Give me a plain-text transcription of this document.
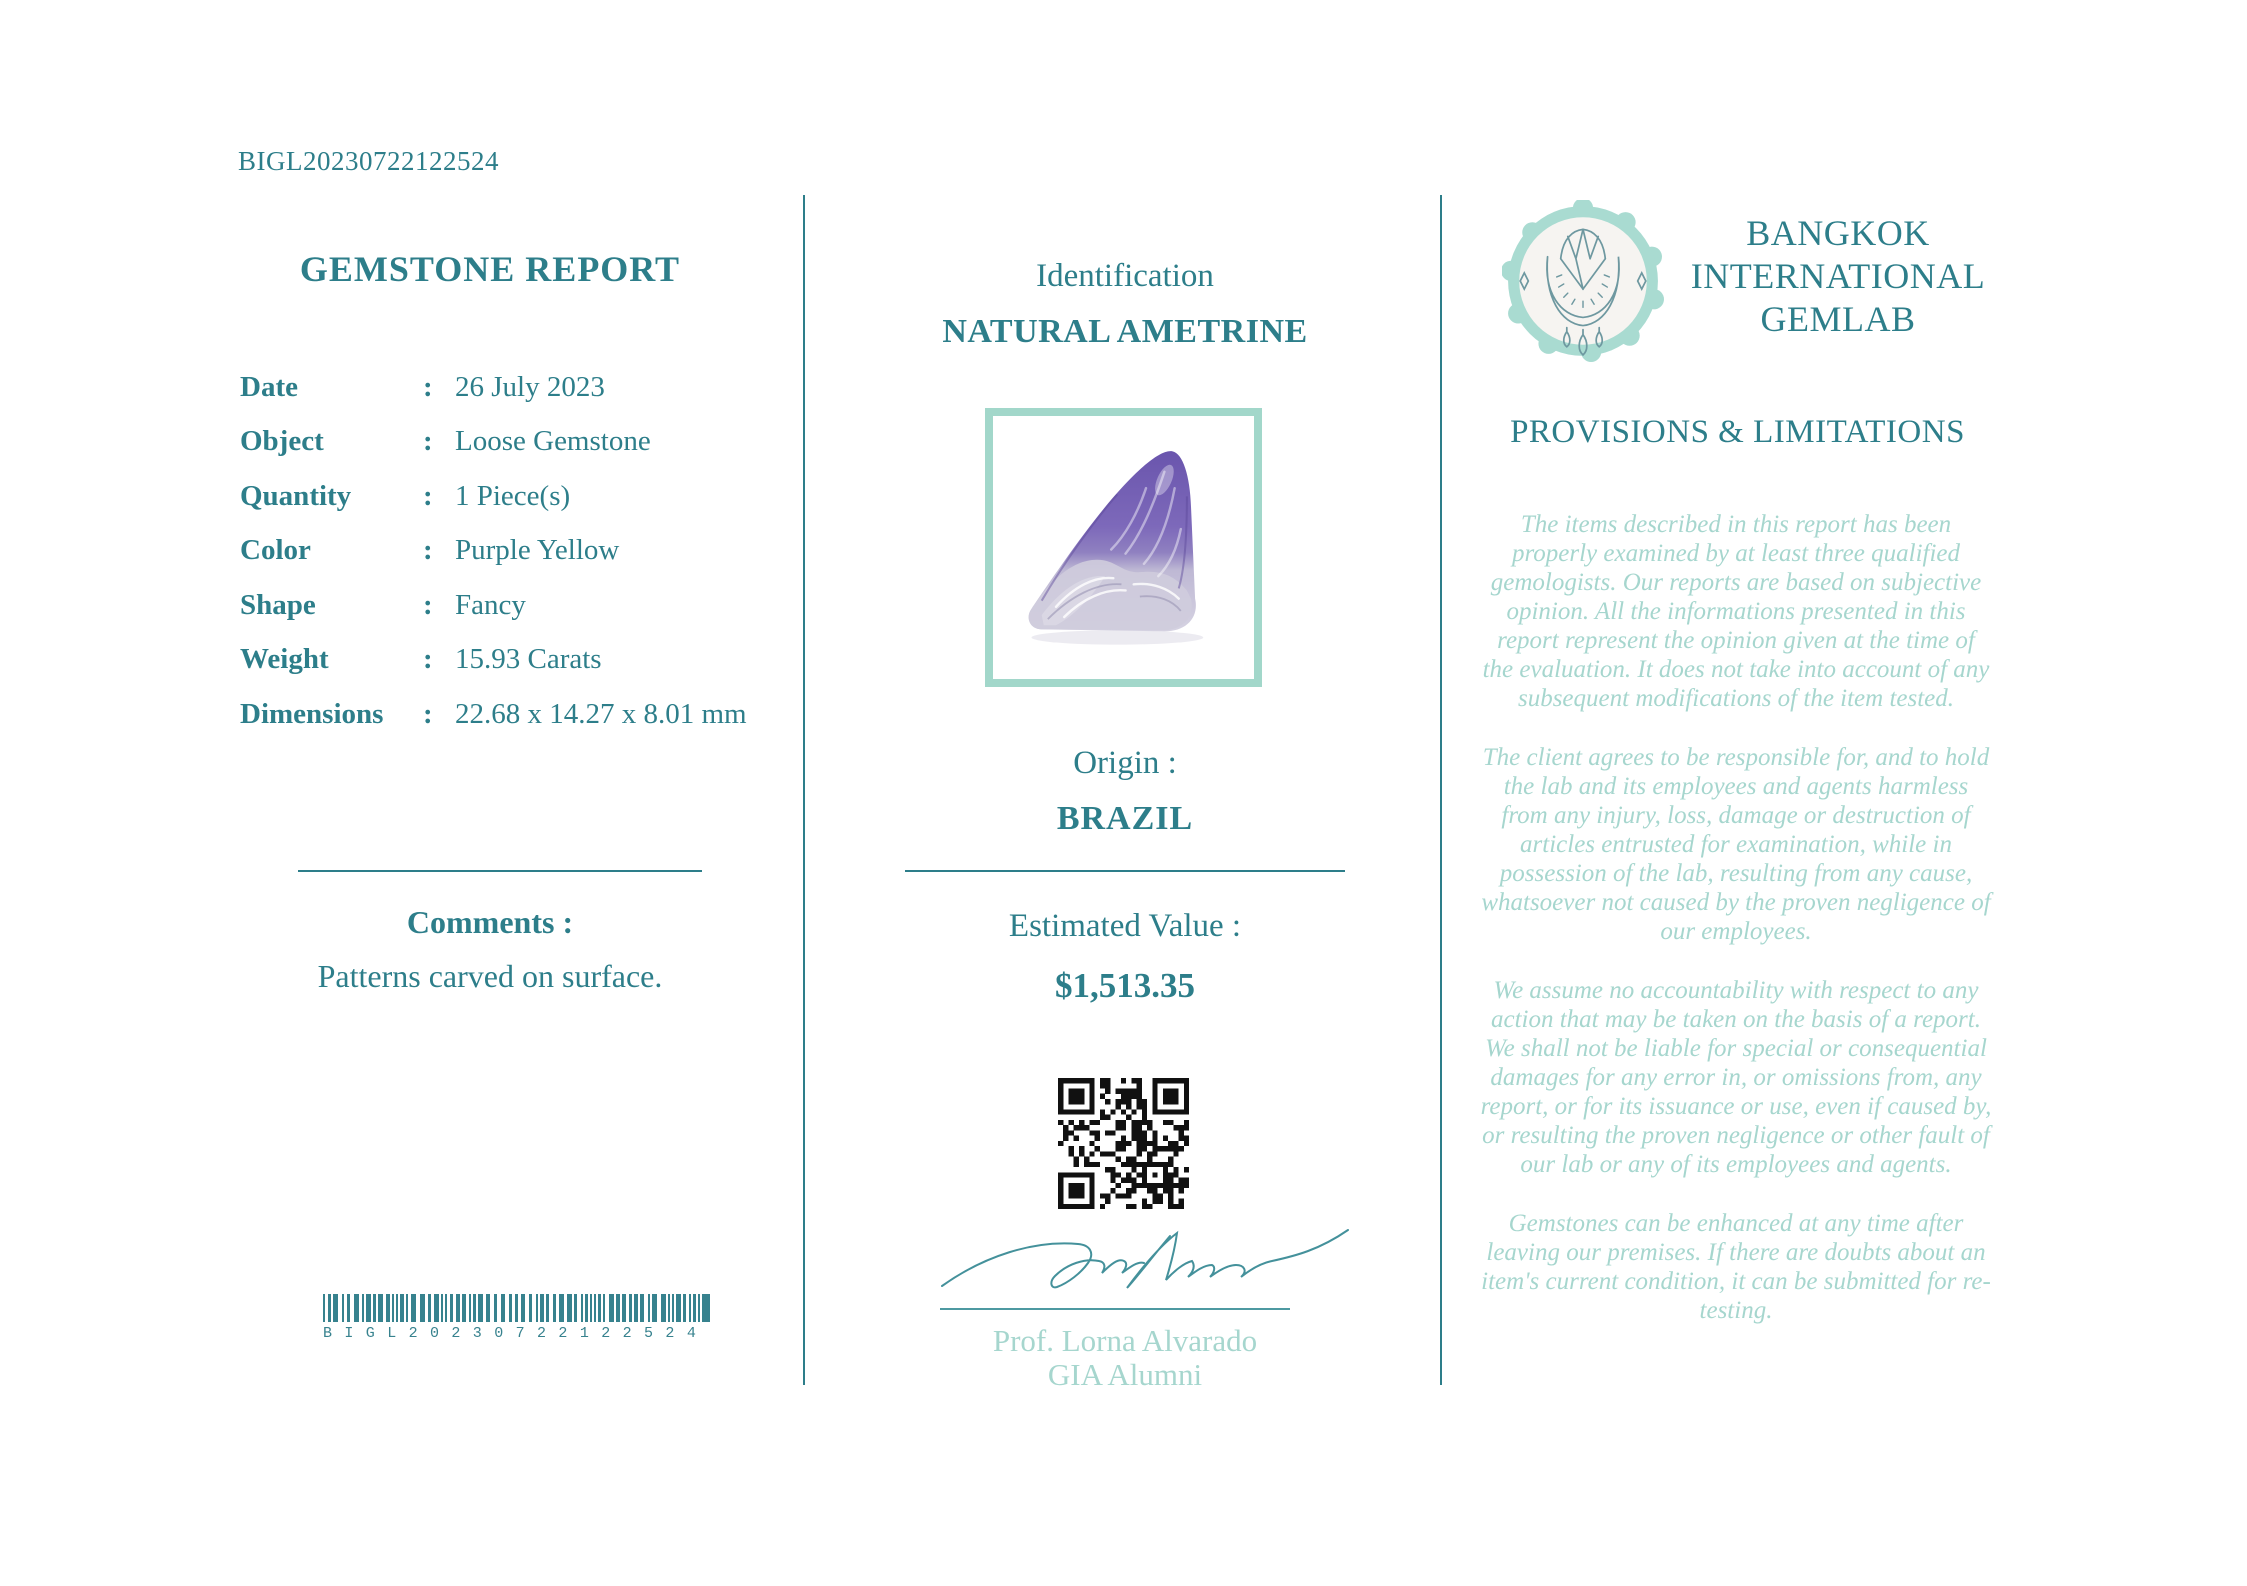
BIGL20230722122524
GEMSTONE REPORT
Date	: 26 July 2023
Object	: Loose Gemstone
Quantity	: 1 Piece(s)
Color	: Purple Yellow
Shape	: Fancy
Weight	: 15.93 Carats
Dimensions	: 22.68 x 14.27 x 8.01 mm
Comments :
Patterns carved on surface.
BIGL20230722122524
Identification
NATURAL AMETRINE
Origin :
BRAZIL
Estimated Value :
$1,513.35
Prof. Lorna Alvarado
GIA Alumni
BANGKOK INTERNATIONAL GEMLAB
PROVISIONS & LIMITATIONS

The items described in this report has been properly examined by at least three qualified gemologists. Our reports are based on subjective opinion. All the informations presented in this report represent the opinion given at the time of the evaluation. It does not take into account of any subsequent modifications of the item tested.

The client agrees to be responsible for, and to hold the lab and its employees and agents harmless from any injury, loss, damage or destruction of articles entrusted for examination, while in possession of the lab, resulting from any cause, whatsoever not caused by the proven negligence of our employees.

We assume no accountability with respect to any action that may be taken on the basis of a report. We shall not be liable for special or consequential damages for any error in, or omissions from, any report, or for its issuance or use, even if caused by, or resulting the proven negligence or other fault of our lab or any of its employees and agents.

Gemstones can be enhanced at any time after leaving our premises. If there are doubts about an item's current condition, it can be submitted for re-testing.
